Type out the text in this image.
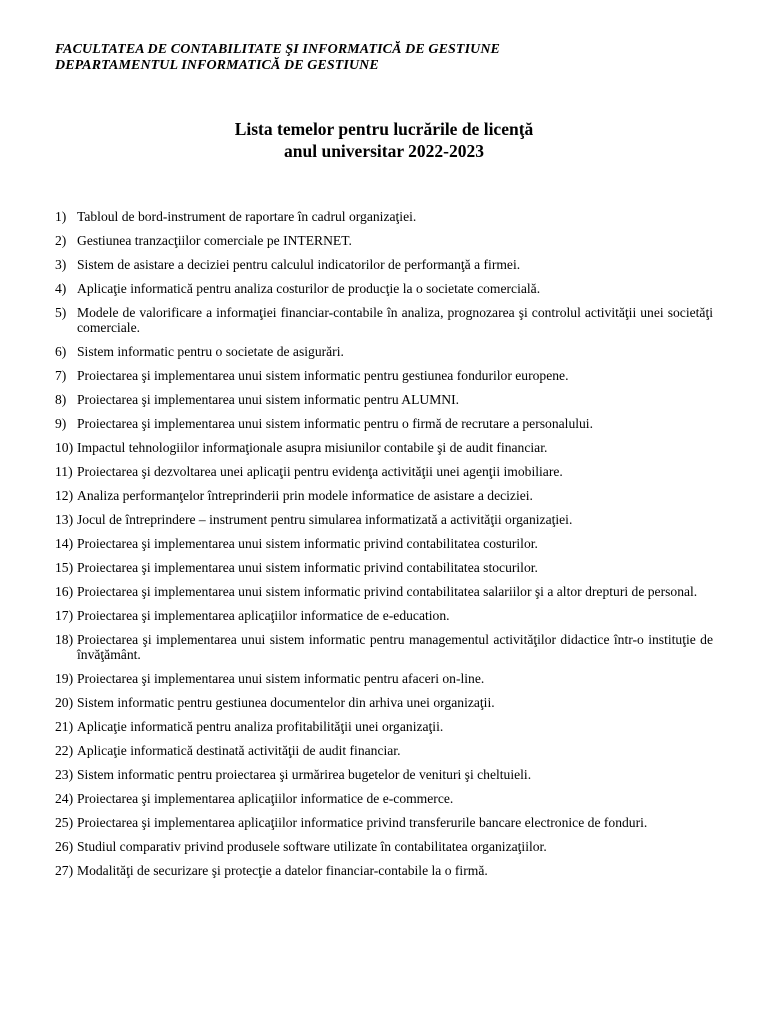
FACULTATEA DE CONTABILITATE ŞI INFORMATICĂ DE GESTIUNE
DEPARTAMENTUL INFORMATICĂ DE GESTIUNE
Lista temelor pentru lucrările de licenţă
anul universitar 2022-2023
1) Tabloul de bord-instrument de raportare în cadrul organizaţiei.
2) Gestiunea tranzacţiilor comerciale pe INTERNET.
3) Sistem de asistare a deciziei pentru calculul indicatorilor de performanţă a firmei.
4) Aplicaţie informatică pentru analiza costurilor de producţie la o societate comercială.
5) Modele de valorificare a informaţiei financiar-contabile în analiza, prognozarea şi controlul activităţii unei societăţi comerciale.
6) Sistem informatic pentru o societate de asigurări.
7) Proiectarea şi implementarea unui sistem informatic pentru gestiunea fondurilor europene.
8) Proiectarea şi implementarea unui sistem informatic pentru ALUMNI.
9) Proiectarea şi implementarea unui sistem informatic pentru o firmă de recrutare a personalului.
10) Impactul tehnologiilor informaţionale asupra misiunilor contabile şi de audit financiar.
11) Proiectarea şi dezvoltarea unei aplicaţii pentru evidenţa activităţii unei agenţii imobiliare.
12) Analiza performanţelor întreprinderii prin modele informatice de asistare a deciziei.
13) Jocul de întreprindere – instrument pentru simularea informatizată a activităţii organizaţiei.
14) Proiectarea şi implementarea unui sistem informatic privind contabilitatea costurilor.
15) Proiectarea şi implementarea unui sistem informatic privind contabilitatea stocurilor.
16) Proiectarea şi implementarea unui sistem informatic privind contabilitatea salariilor şi a altor drepturi de personal.
17) Proiectarea şi implementarea aplicaţiilor informatice de e-education.
18) Proiectarea şi implementarea unui sistem informatic pentru managementul activităţilor didactice într-o instituţie de învăţământ.
19) Proiectarea şi implementarea unui sistem informatic pentru afaceri on-line.
20) Sistem informatic pentru gestiunea documentelor din arhiva unei organizaţii.
21) Aplicaţie informatică pentru analiza profitabilităţii unei organizaţii.
22) Aplicaţie informatică destinată activităţii de audit financiar.
23) Sistem informatic pentru proiectarea şi urmărirea bugetelor de venituri şi cheltuieli.
24) Proiectarea şi implementarea aplicaţiilor informatice de e-commerce.
25) Proiectarea şi implementarea aplicaţiilor informatice privind transferurile bancare electronice de fonduri.
26) Studiul comparativ privind produsele software utilizate în contabilitatea organizaţiilor.
27) Modalităţi de securizare şi protecţie a datelor financiar-contabile la o firmă.
